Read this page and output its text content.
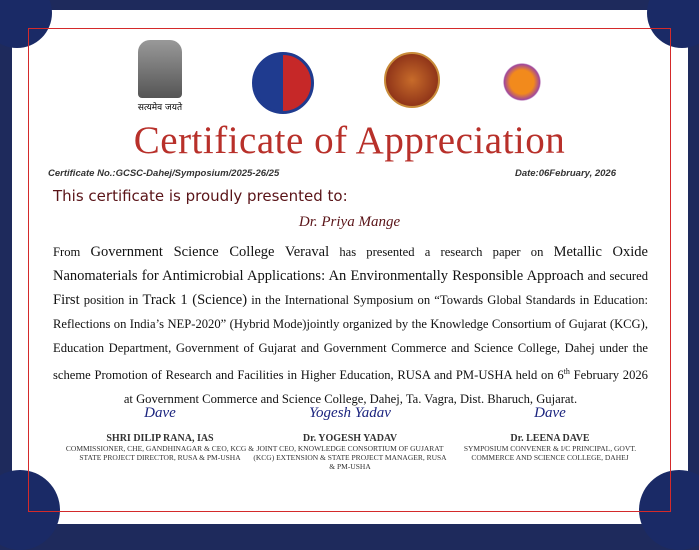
सत्यमेव जयते
Certificate of Appreciation
Certificate No.:GCSC-Dahej/Symposium/2025-26/25	Date:06February, 2026
This certificate is proudly presented to:
Dr. Priya Mange
From Government Science College Veraval has presented a research paper on Metallic Oxide Nanomaterials for Antimicrobial Applications: An Environmentally Responsible Approach and secured First position in Track 1 (Science) in the International Symposium on “Towards Global Standards in Education: Reflections on India’s NEP-2020” (Hybrid Mode)jointly organized by the Knowledge Consortium of Gujarat (KCG), Education Department, Government of Gujarat and Government Commerce and Science College, Dahej under the scheme Promotion of Research and Facilities in Higher Education, RUSA and PM-USHA held on 6th February 2026 at Government Commerce and Science College, Dahej, Ta. Vagra, Dist. Bharuch, Gujarat.
Dave
SHRI DILIP RANA, IAS
COMMISSIONER, CHE, GANDHINAGAR & CEO, KCG & STATE PROJECT DIRECTOR, RUSA & PM-USHA
Yogesh Yadav
Dr. YOGESH YADAV
JOINT CEO, KNOWLEDGE CONSORTIUM OF GUJARAT (KCG) EXTENSION & STATE PROJECT MANAGER, RUSA & PM-USHA
Dave
Dr. LEENA DAVE
SYMPOSIUM CONVENER & I/C PRINCIPAL, GOVT. COMMERCE AND SCIENCE COLLEGE, DAHEJ
